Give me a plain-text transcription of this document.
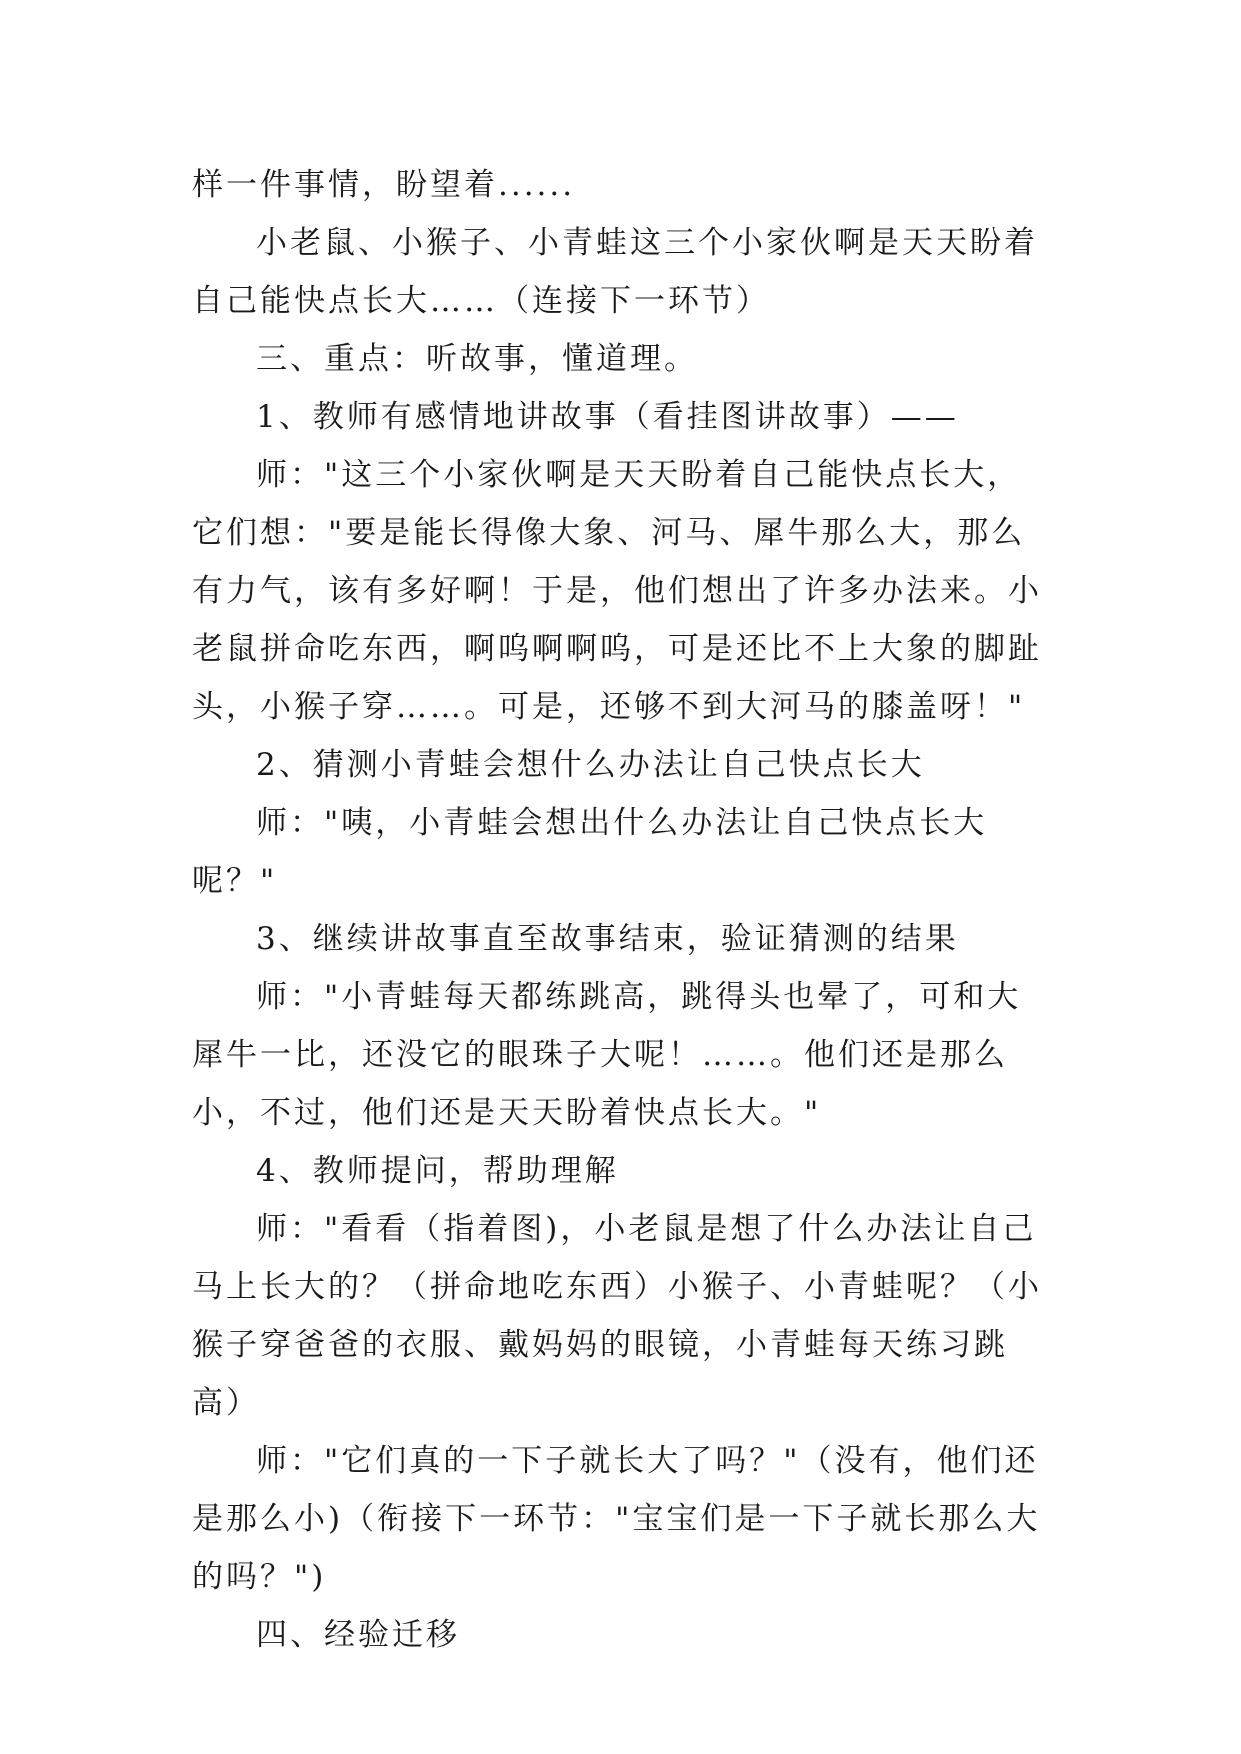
样一件事情，盼望着......

小老鼠、小猴子、小青蛙这三个小家伙啊是天天盼着自己能快点长大……（连接下一环节）

三、重点：听故事，懂道理。

1、教师有感情地讲故事（看挂图讲故事）——

师："这三个小家伙啊是天天盼着自己能快点长大，它们想："要是能长得像大象、河马、犀牛那么大，那么有力气，该有多好啊！于是，他们想出了许多办法来。小老鼠拼命吃东西，啊呜啊啊呜，可是还比不上大象的脚趾头，小猴子穿……。可是，还够不到大河马的膝盖呀！"

2、猜测小青蛙会想什么办法让自己快点长大

师："咦，小青蛙会想出什么办法让自己快点长大呢？"

3、继续讲故事直至故事结束，验证猜测的结果

师："小青蛙每天都练跳高，跳得头也晕了，可和大犀牛一比，还没它的眼珠子大呢！……。他们还是那么小，不过，他们还是天天盼着快点长大。"

4、教师提问，帮助理解

师："看看（指着图)，小老鼠是想了什么办法让自己马上长大的？（拼命地吃东西）小猴子、小青蛙呢？（小猴子穿爸爸的衣服、戴妈妈的眼镜，小青蛙每天练习跳高）

师："它们真的一下子就长大了吗？"（没有，他们还是那么小)（衔接下一环节："宝宝们是一下子就长那么大的吗？")

四、经验迁移
